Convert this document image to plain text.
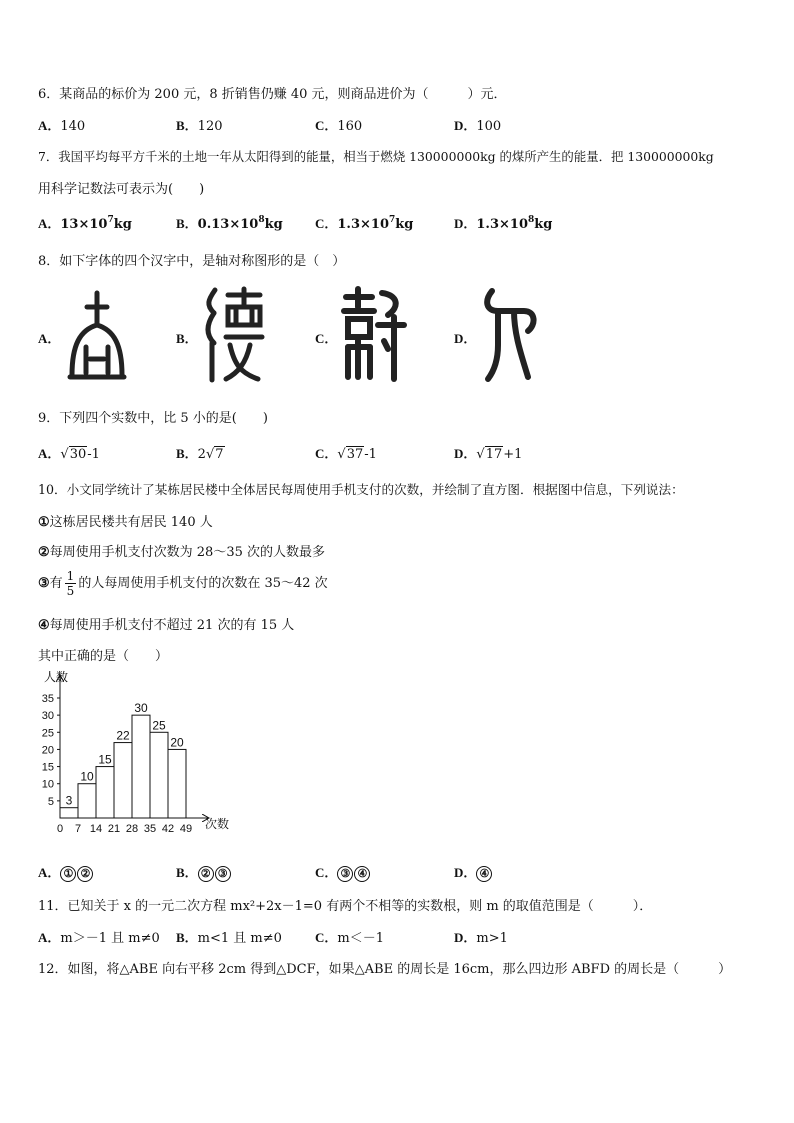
6．某商品的标价为 200 元，8 折销售仍赚 40 元，则商品进价为（　　　）元．
A．140	B．120	C．160	D．100
7．我国平均每平方千米的土地一年从太阳得到的能量，相当于燃烧 130000000kg 的煤所产生的能量．把 130000000kg
用科学记数法可表示为(　　)
A．$13\times 10^7kg$	B．$0.13\times 10^8kg$ C．$1.3\times 10^7kg$	D．$1.3\times 10^8kg$
8．如下字体的四个汉字中，是轴对称图形的是（　）
A．	B．	C．	D．
9．下列四个实数中，比 5 小的是(　　)
A．√30-1	B．2√7	C．√37-1	D．√17+1
10．小文同学统计了某栋居民楼中全体居民每周使用手机支付的次数，并绘制了直方图．根据图中信息，下列说法：
①这栋居民楼共有居民 140 人
②每周使用手机支付次数为 28～35 次的人数最多
③有 $\frac{1}{5}$ 的人每周使用手机支付的次数在 35～42 次
④每周使用手机支付不超过 21 次的有 15 人
其中正确的是（　　）
人数
次数
5
10
15
20
25
30
35
0 7 14 21 28 35 42 49
3
10
15
22
30
25
20
A． ① ②	B． ② ③	C． ③ ④	D． ④
11．已知关于 x 的一元二次方程 mx²+2x－1=0 有两个不相等的实数根，则 m 的取值范围是（　　　）．
A．m＞－1 且 m≠0 B．m<1 且 m≠0	C．m＜－1	D．m>1
12．如图，将△ABE 向右平移 2cm 得到△DCF，如果△ABE 的周长是 16cm，那么四边形 ABFD 的周长是（　　　）
